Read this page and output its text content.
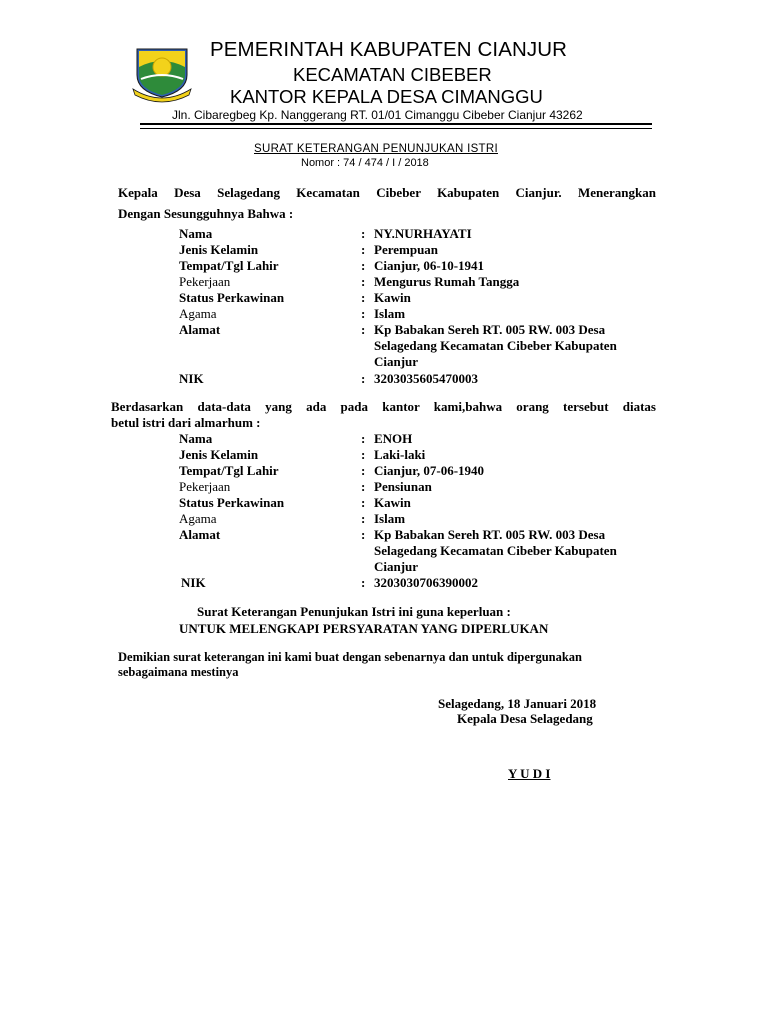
PEMERINTAH KABUPATEN CIANJUR
KECAMATAN CIBEBER
KANTOR KEPALA DESA CIMANGGU
Jln. Cibaregbeg Kp. Nanggerang RT. 01/01 Cimanggu Cibeber Cianjur 43262
SURAT KETERANGAN PENUNJUKAN ISTRI
Nomor : 74 / 474 / I / 2018
Kepala Desa Selagedang Kecamatan Cibeber Kabupaten Cianjur. Menerangkan
Dengan Sesungguhnya Bahwa :
Nama	: NY.NURHAYATI
Jenis Kelamin	: Perempuan
Tempat/Tgl Lahir	: Cianjur, 06-10-1941
Pekerjaan	: Mengurus Rumah Tangga
Status Perkawinan	: Kawin
Agama	: Islam
Alamat	: Kp Babakan Sereh RT. 005 RW. 003 Desa
Selagedang Kecamatan Cibeber Kabupaten
Cianjur
NIK	: 3203035605470003
Berdasarkan data-data yang ada pada kantor kami,bahwa orang tersebut diatas
betul istri dari almarhum :
Nama	: ENOH
Jenis Kelamin	: Laki-laki
Tempat/Tgl Lahir	: Cianjur, 07-06-1940
Pekerjaan	: Pensiunan
Status Perkawinan	: Kawin
Agama	: Islam
Alamat	: Kp Babakan Sereh RT. 005 RW. 003 Desa
Selagedang Kecamatan Cibeber Kabupaten
Cianjur
NIK	: 3203030706390002
Surat Keterangan Penunjukan Istri ini guna keperluan :
UNTUK MELENGKAPI PERSYARATAN YANG DIPERLUKAN
Demikian surat keterangan ini kami buat dengan sebenarnya dan untuk dipergunakan
sebagaimana mestinya
Selagedang, 18 Januari 2018
Kepala Desa Selagedang
Y U D I
